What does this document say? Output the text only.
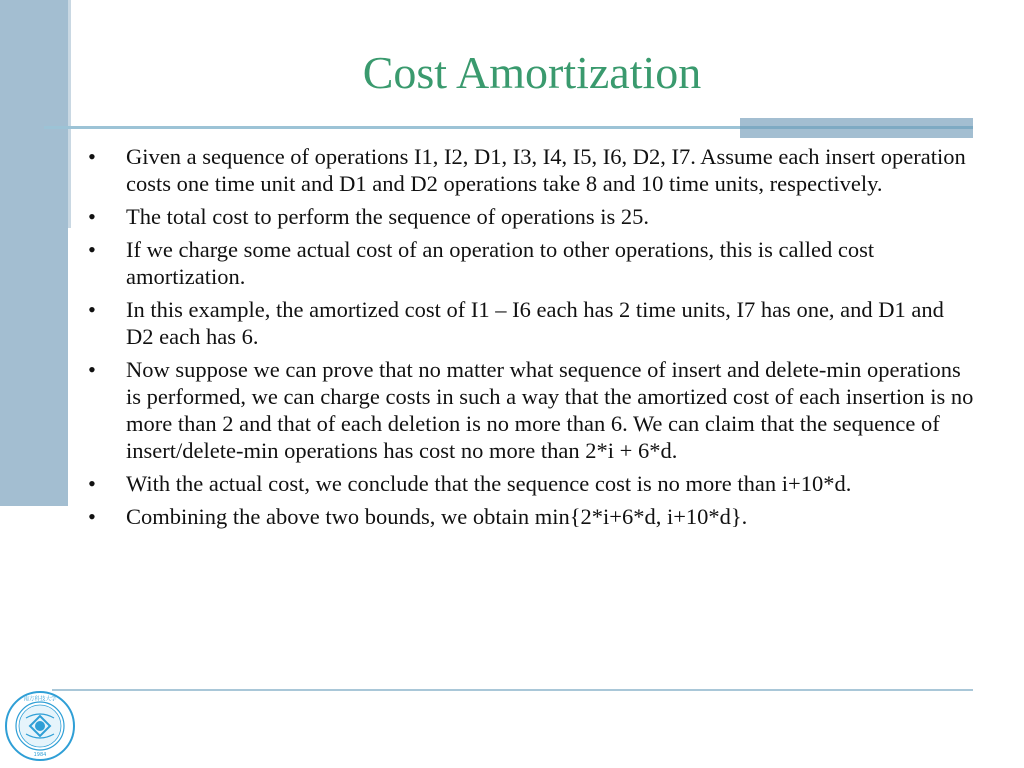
Cost Amortization
• Given a sequence of operations I1, I2, D1, I3, I4, I5, I6, D2, I7. Assume each insert operation costs one time unit and D1 and D2 operations take 8 and 10 time units, respectively.
• The total cost to perform the sequence of operations is 25.
• If we charge some actual cost of an operation to other operations, this is called cost amortization.
• In this example, the amortized cost of I1 – I6 each has 2 time units, I7 has one, and D1 and D2 each has 6.
• Now suppose we can prove that no matter what sequence of insert and delete-min operations is performed, we can charge costs in such a way that the amortized cost of each insertion is no more than 2 and that of each deletion is no more than 6. We can claim that the sequence of insert/delete-min operations has cost no more than 2*i + 6*d.
• With the actual cost, we conclude that the sequence cost is no more than i+10*d.
• Combining the above two bounds, we obtain min{2*i+6*d, i+10*d}.
南方科技大学
1984
